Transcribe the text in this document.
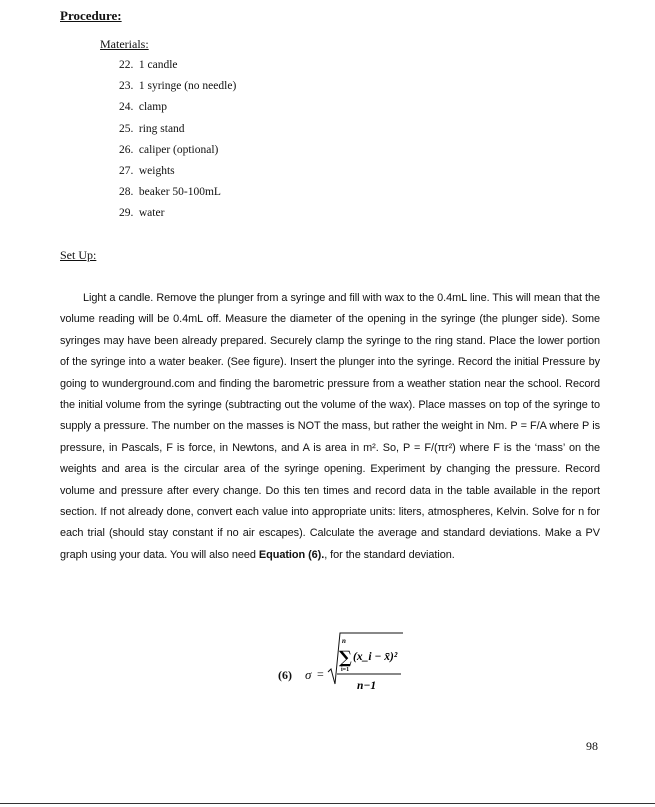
Procedure:
Materials:
22. 1 candle
23. 1 syringe (no needle)
24. clamp
25. ring stand
26. caliper (optional)
27. weights
28. beaker 50-100mL
29. water
Set Up:

Light a candle. Remove the plunger from a syringe and fill with wax to the 0.4mL line. This will mean that the volume reading will be 0.4mL off. Measure the diameter of the opening in the syringe (the plunger side). Some syringes may have been already prepared. Securely clamp the syringe to the ring stand. Place the lower portion of the syringe into a water beaker. (See figure). Insert the plunger into the syringe. Record the initial Pressure by going to wunderground.com and finding the barometric pressure from a weather station near the school. Record the initial volume from the syringe (subtracting out the volume of the wax). Place masses on top of the syringe to supply a pressure. The number on the masses is NOT the mass, but rather the weight in Nm. P = F/A where P is pressure, in Pascals, F is force, in Newtons, and A is area in m². So, P = F/(πr²) where F is the ‘mass’ on the weights and area is the circular area of the syringe opening. Experiment by changing the pressure. Record volume and pressure after every change. Do this ten times and record data in the table available in the report section. If not already done, convert each value into appropriate units: liters, atmospheres, Kelvin. Solve for n for each trial (should stay constant if no air escapes). Calculate the average and standard deviations. Make a PV graph using your data. You will also need Equation (6)., for the standard deviation.

(6) σ =
n
∑
i=1
(x_i − x̄)²
n−1
98
